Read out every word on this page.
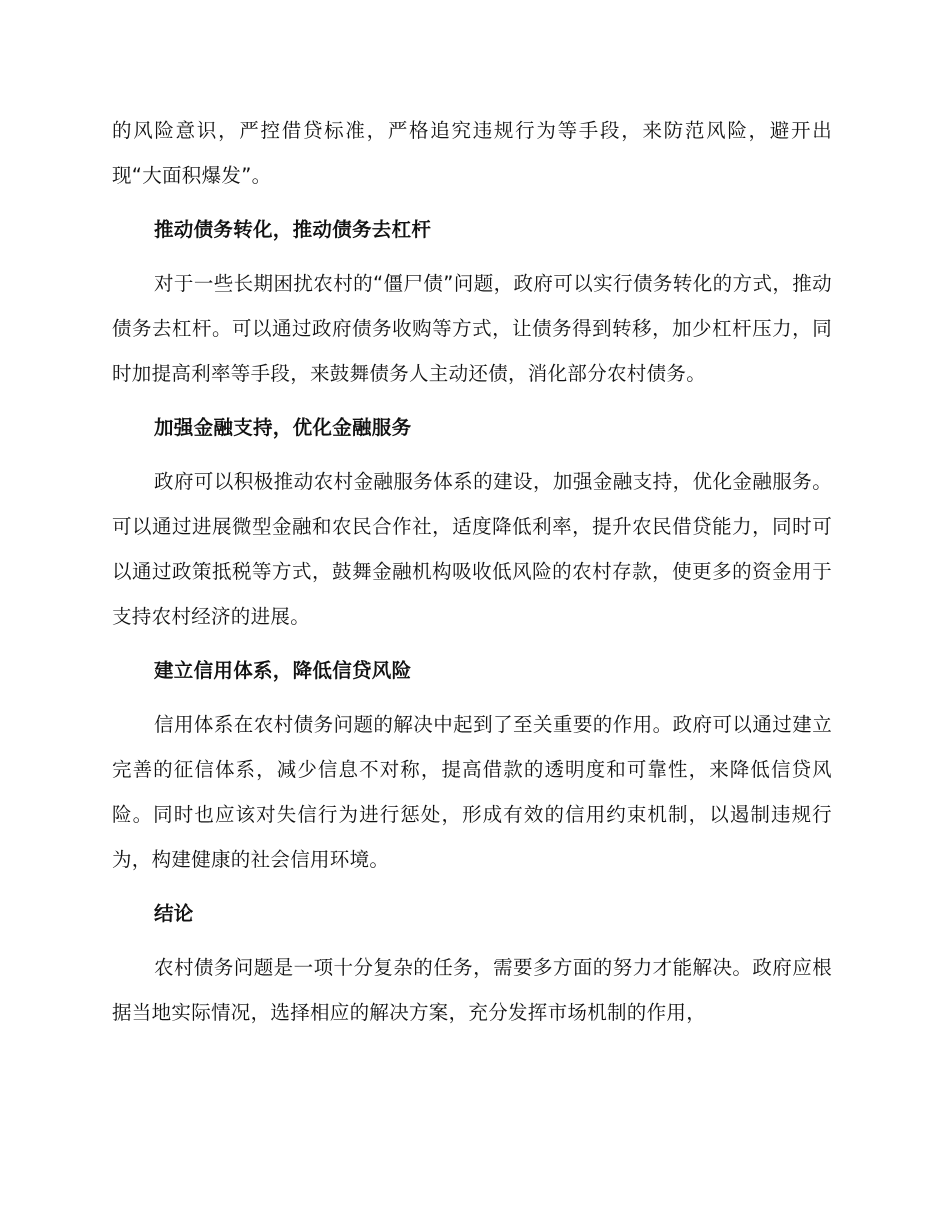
的风险意识，严控借贷标准，严格追究违规行为等手段，来防范风险，避开出现“大面积爆发”。

推动债务转化，推动债务去杠杆

对于一些长期困扰农村的“僵尸债”问题，政府可以实行债务转化的方式，推动债务去杠杆。可以通过政府债务收购等方式，让债务得到转移，加少杠杆压力，同时加提高利率等手段，来鼓舞债务人主动还债，消化部分农村债务。

加强金融支持，优化金融服务

政府可以积极推动农村金融服务体系的建设，加强金融支持，优化金融服务。可以通过进展微型金融和农民合作社，适度降低利率，提升农民借贷能力，同时可以通过政策抵税等方式，鼓舞金融机构吸收低风险的农村存款，使更多的资金用于支持农村经济的进展。

建立信用体系，降低信贷风险

信用体系在农村债务问题的解决中起到了至关重要的作用。政府可以通过建立完善的征信体系，减少信息不对称，提高借款的透明度和可靠性，来降低信贷风险。同时也应该对失信行为进行惩处，形成有效的信用约束机制，以遏制违规行为，构建健康的社会信用环境。

结论

农村债务问题是一项十分复杂的任务，需要多方面的努力才能解决。政府应根据当地实际情况，选择相应的解决方案，充分发挥市场机制的作用，
